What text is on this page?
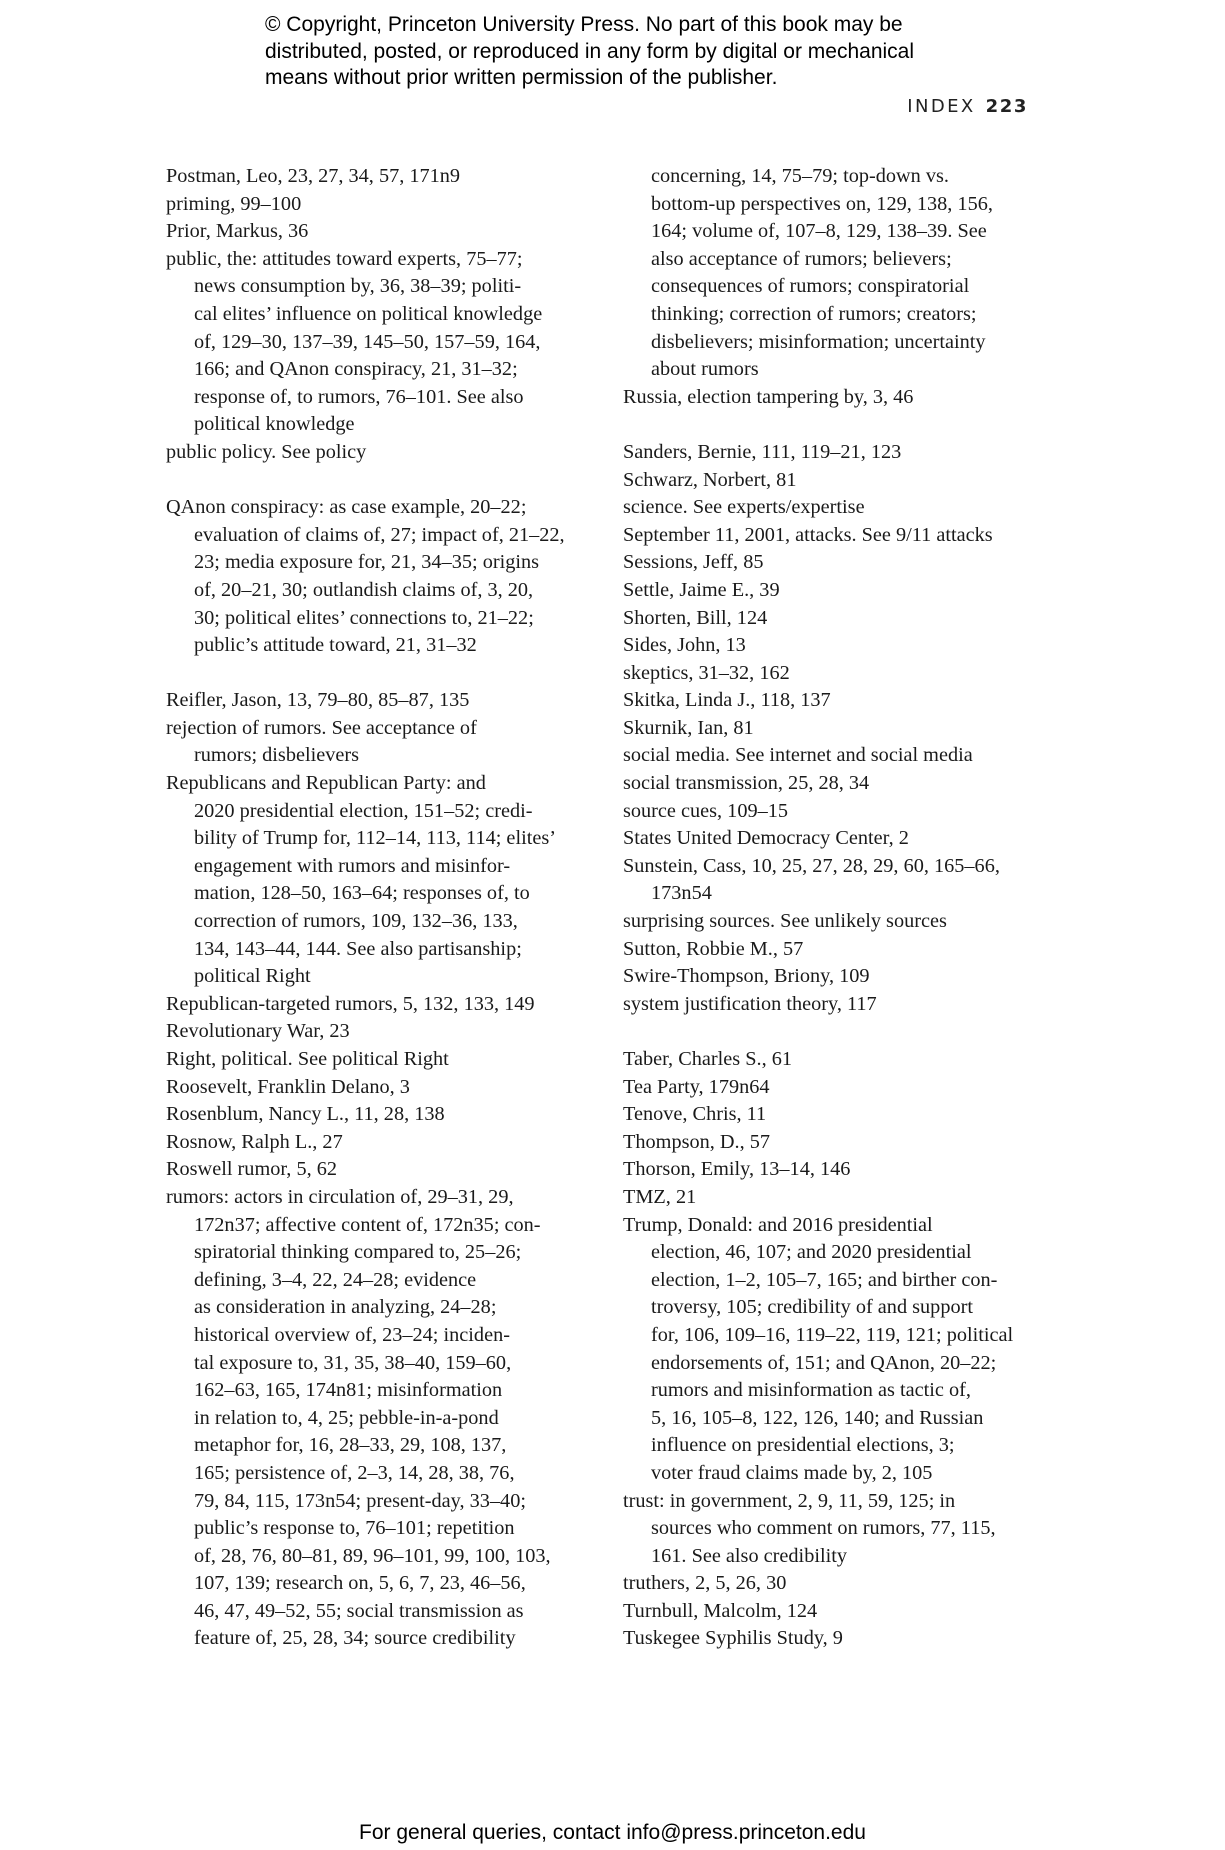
© Copyright, Princeton University Press. No part of this book may be
distributed, posted, or reproduced in any form by digital or mechanical
means without prior written permission of the publisher.
INDEX 223

Postman, Leo, 23, 27, 34, 57, 171n9

priming, 99–100

Prior, Markus, 36

public, the: attitudes toward experts, 75–77;
news consumption by, 36, 38–39; politi-
cal elites’ influence on political knowledge
of, 129–30, 137–39, 145–50, 157–59, 164,
166; and QAnon conspiracy, 21, 31–32;
response of, to rumors, 76–101. See also
political knowledge

public policy. See policy

QAnon conspiracy: as case example, 20–22;
evaluation of claims of, 27; impact of, 21–22,
23; media exposure for, 21, 34–35; origins
of, 20–21, 30; outlandish claims of, 3, 20,
30; political elites’ connections to, 21–22;
public’s attitude toward, 21, 31–32

Reifler, Jason, 13, 79–80, 85–87, 135

rejection of rumors. See acceptance of
rumors; disbelievers

Republicans and Republican Party: and
2020 presidential election, 151–52; credi-
bility of Trump for, 112–14, 113, 114; elites’
engagement with rumors and misinfor-
mation, 128–50, 163–64; responses of, to
correction of rumors, 109, 132–36, 133,
134, 143–44, 144. See also partisanship;
political Right

Republican-targeted rumors, 5, 132, 133, 149

Revolutionary War, 23

Right, political. See political Right

Roosevelt, Franklin Delano, 3

Rosenblum, Nancy L., 11, 28, 138

Rosnow, Ralph L., 27

Roswell rumor, 5, 62

rumors: actors in circulation of, 29–31, 29,
172n37; affective content of, 172n35; con-
spiratorial thinking compared to, 25–26;
defining, 3–4, 22, 24–28; evidence
as consideration in analyzing, 24–28;
historical overview of, 23–24; inciden-
tal exposure to, 31, 35, 38–40, 159–60,
162–63, 165, 174n81; misinformation
in relation to, 4, 25; pebble-in-a-pond
metaphor for, 16, 28–33, 29, 108, 137,
165; persistence of, 2–3, 14, 28, 38, 76,
79, 84, 115, 173n54; present-day, 33–40;
public’s response to, 76–101; repetition
of, 28, 76, 80–81, 89, 96–101, 99, 100, 103,
107, 139; research on, 5, 6, 7, 23, 46–56,
46, 47, 49–52, 55; social transmission as
feature of, 25, 28, 34; source credibility

concerning, 14, 75–79; top-down vs.
bottom-up perspectives on, 129, 138, 156,
164; volume of, 107–8, 129, 138–39. See
also acceptance of rumors; believers;
consequences of rumors; conspiratorial
thinking; correction of rumors; creators;
disbelievers; misinformation; uncertainty
about rumors

Russia, election tampering by, 3, 46

Sanders, Bernie, 111, 119–21, 123

Schwarz, Norbert, 81

science. See experts/expertise

September 11, 2001, attacks. See 9/11 attacks

Sessions, Jeff, 85

Settle, Jaime E., 39

Shorten, Bill, 124

Sides, John, 13

skeptics, 31–32, 162

Skitka, Linda J., 118, 137

Skurnik, Ian, 81

social media. See internet and social media

social transmission, 25, 28, 34

source cues, 109–15

States United Democracy Center, 2

Sunstein, Cass, 10, 25, 27, 28, 29, 60, 165–66,
173n54

surprising sources. See unlikely sources

Sutton, Robbie M., 57

Swire-Thompson, Briony, 109

system justification theory, 117

Taber, Charles S., 61

Tea Party, 179n64

Tenove, Chris, 11

Thompson, D., 57

Thorson, Emily, 13–14, 146

TMZ, 21

Trump, Donald: and 2016 presidential
election, 46, 107; and 2020 presidential
election, 1–2, 105–7, 165; and birther con-
troversy, 105; credibility of and support
for, 106, 109–16, 119–22, 119, 121; political
endorsements of, 151; and QAnon, 20–22;
rumors and misinformation as tactic of,
5, 16, 105–8, 122, 126, 140; and Russian
influence on presidential elections, 3;
voter fraud claims made by, 2, 105

trust: in government, 2, 9, 11, 59, 125; in
sources who comment on rumors, 77, 115,
161. See also credibility

truthers, 2, 5, 26, 30

Turnbull, Malcolm, 124

Tuskegee Syphilis Study, 9

For general queries, contact info@press.princeton.edu
